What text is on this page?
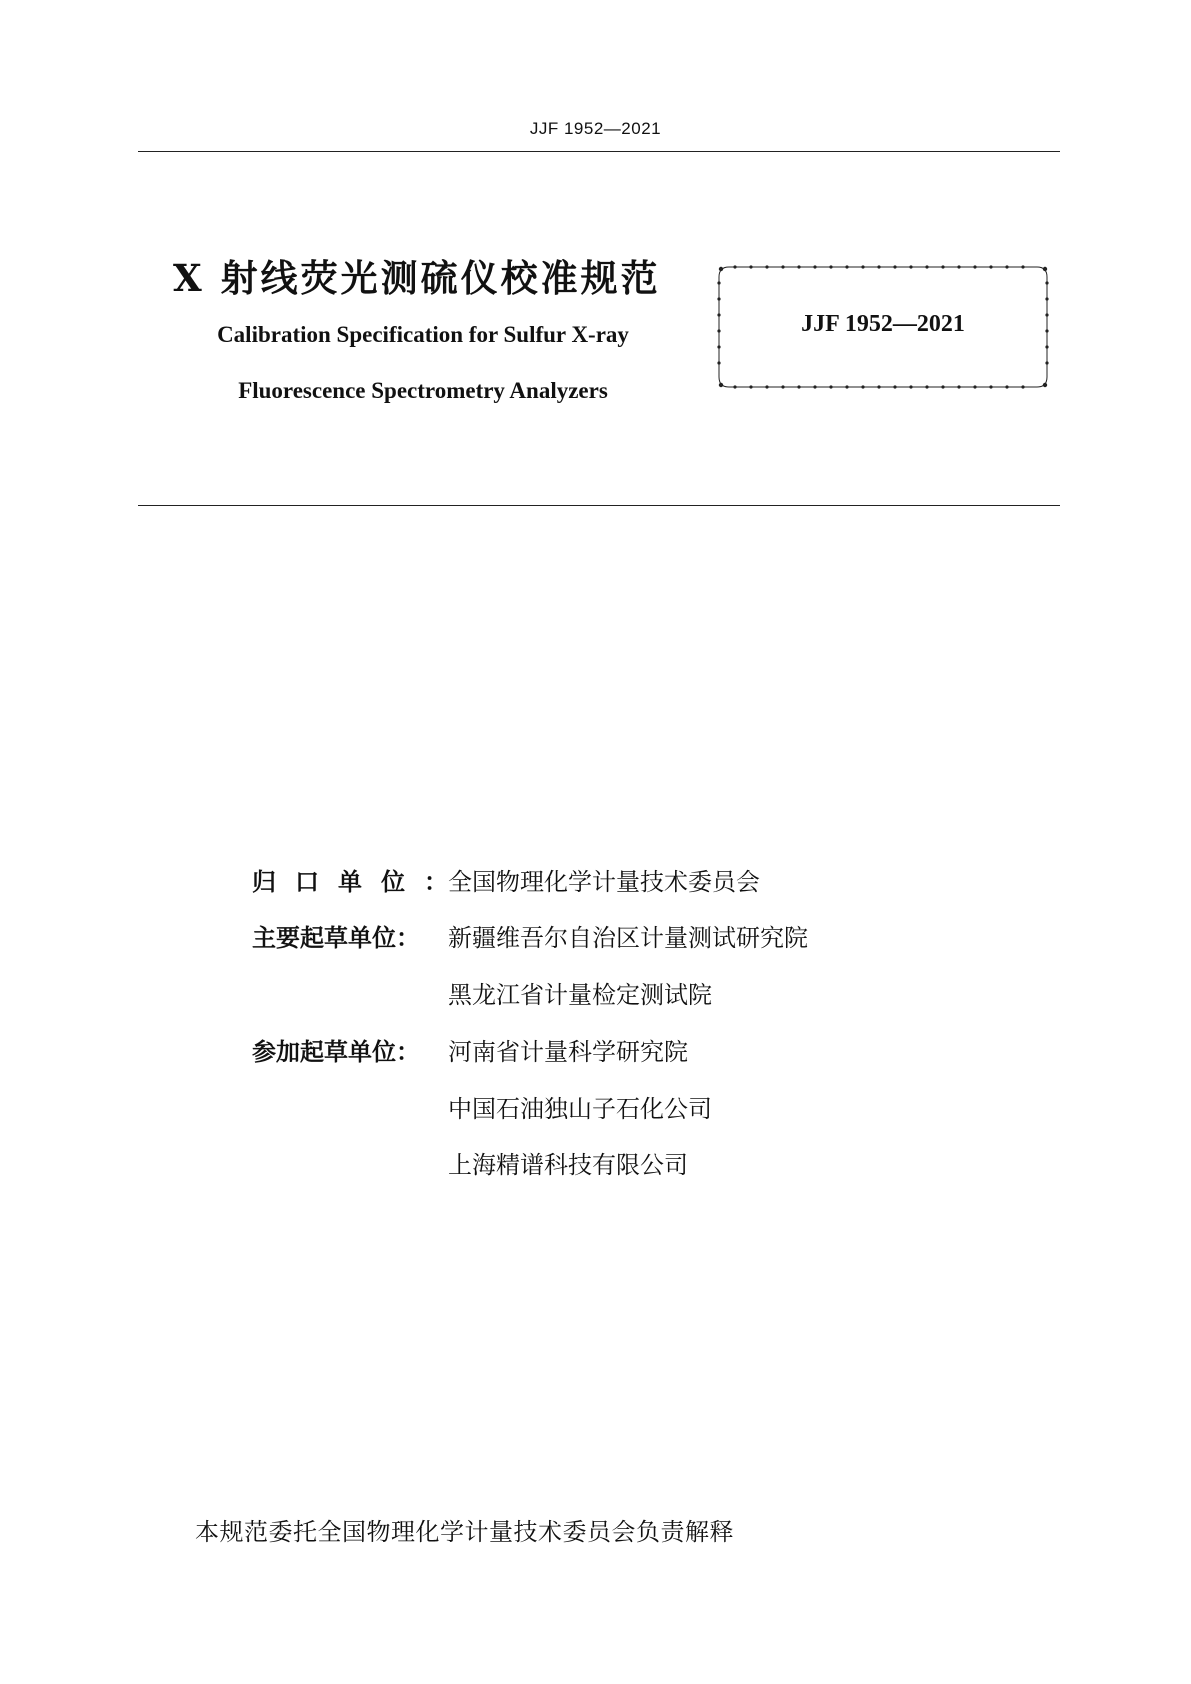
JJF 1952—2021
X 射线荧光测硫仪校准规范
Calibration Specification for Sulfur X-ray
Fluorescence Spectrometry Analyzers
JJF 1952—2021
归口单位：
全国物理化学计量技术委员会
主要起草单位： 新疆维吾尔自治区计量测试研究院
黑龙江省计量检定测试院
参加起草单位： 河南省计量科学研究院
中国石油独山子石化公司
上海精谱科技有限公司
本规范委托全国物理化学计量技术委员会负责解释
